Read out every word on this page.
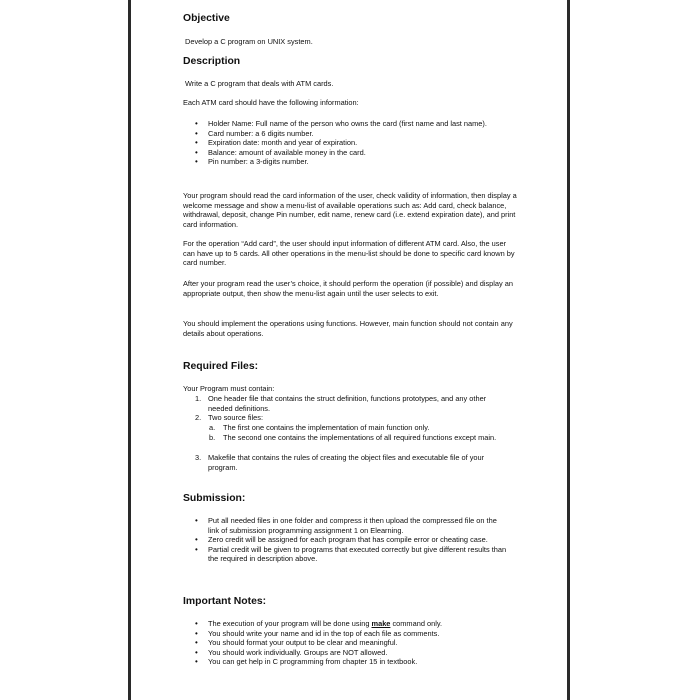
Objective
Develop a C program on UNIX system.
Description
Write a C program that deals with ATM cards.
Each ATM card should have the following information:
• Holder Name: Full name of the person who owns the card (first name and last name).
• Card number: a 6 digits number.
• Expiration date: month and year of expiration.
• Balance: amount of available money in the card.
• Pin number: a 3-digits number.
Your program should read the card information of the user, check validity of information, then display a welcome message and show a menu-list of available operations such as: Add card, check balance, withdrawal, deposit, change Pin number, edit name, renew card (i.e. extend expiration date), and print card information.
For the operation “Add card”, the user should input information of different ATM card. Also, the user can have up to 5 cards. All other operations in the menu-list should be done to specific card known by card number.
After your program read the user’s choice, it should perform the operation (if possible) and display an appropriate output, then show the menu-list again until the user selects to exit.
You should implement the operations using functions. However, main function should not contain any details about operations.
Required Files:
Your Program must contain:
1. One header file that contains the struct definition, functions prototypes, and any other needed definitions.
2. Two source files:
a. The first one contains the implementation of main function only.
b. The second one contains the implementations of all required functions except main.
3. Makefile that contains the rules of creating the object files and executable file of your program.
Submission:
• Put all needed files in one folder and compress it then upload the compressed file on the link of submission programming assignment 1 on Elearning.
• Zero credit will be assigned for each program that has compile error or cheating case.
• Partial credit will be given to programs that executed correctly but give different results than the required in description above.
Important Notes:
• The execution of your program will be done using make command only.
• You should write your name and id in the top of each file as comments.
• You should format your output to be clear and meaningful.
• You should work individually. Groups are NOT allowed.
• You can get help in C programming from chapter 15 in textbook.
